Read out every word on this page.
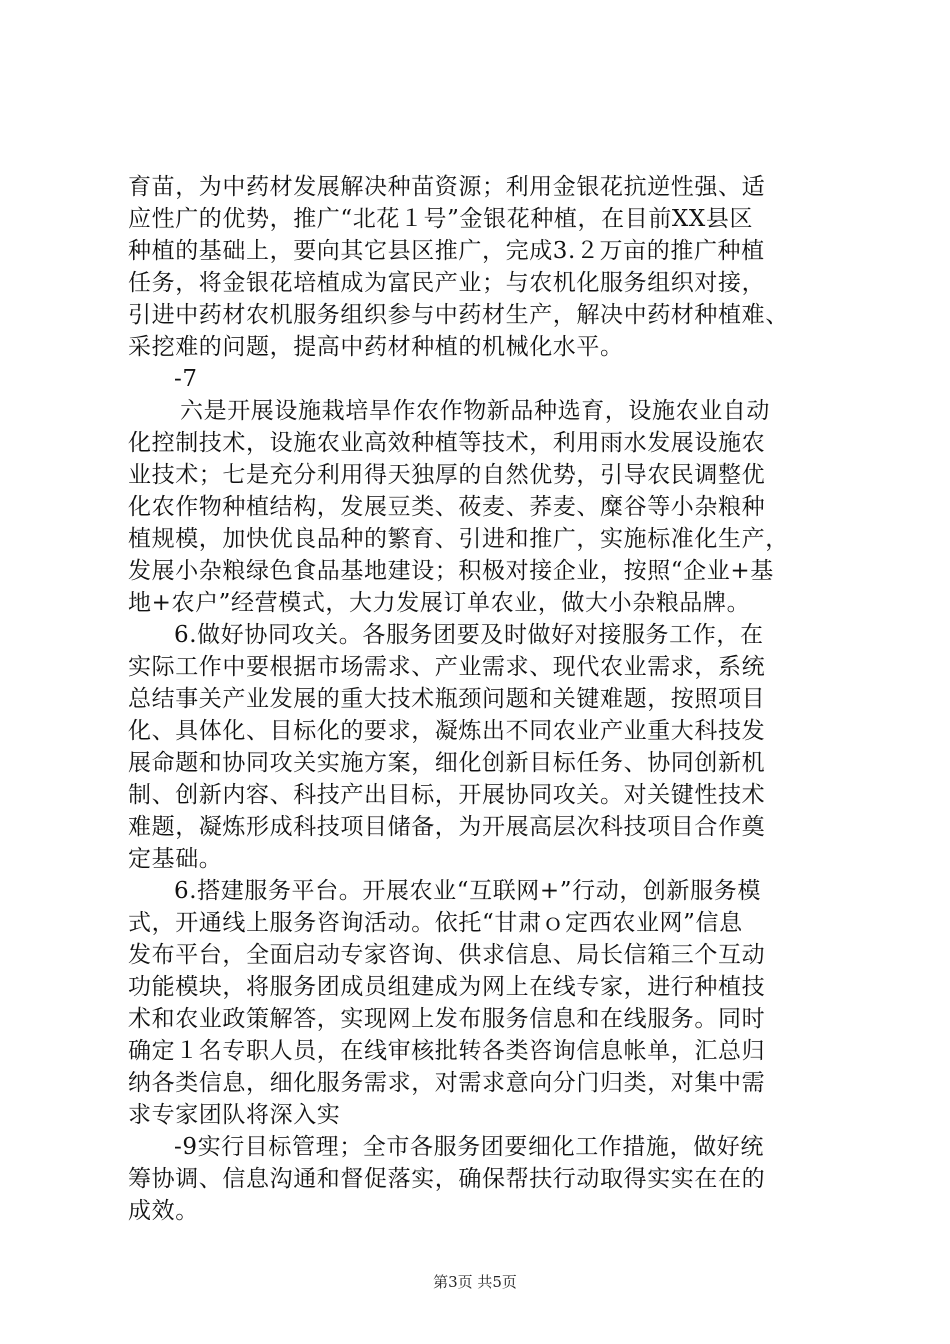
育苗，为中药材发展解决种苗资源；利用金银花抗逆性强、适
应性广的优势，推广“北花１号”金银花种植，在目前XX县区
种植的基础上，要向其它县区推广，完成3.２万亩的推广种植
任务，将金银花培植成为富民产业；与农机化服务组织对接，
引进中药材农机服务组织参与中药材生产，解决中药材种植难、
采挖难的问题，提高中药材种植的机械化水平。
-7
六是开展设施栽培旱作农作物新品种选育，设施农业自动
化控制技术，设施农业高效种植等技术，利用雨水发展设施农
业技术；七是充分利用得天独厚的自然优势，引导农民调整优
化农作物种植结构，发展豆类、莜麦、荞麦、糜谷等小杂粮种
植规模，加快优良品种的繁育、引进和推广，实施标准化生产，
发展小杂粮绿色食品基地建设；积极对接企业，按照“企业+基
地+农户”经营模式，大力发展订单农业，做大小杂粮品牌。
6.做好协同攻关。各服务团要及时做好对接服务工作，在
实际工作中要根据市场需求、产业需求、现代农业需求，系统
总结事关产业发展的重大技术瓶颈问题和关键难题，按照项目
化、具体化、目标化的要求，凝炼出不同农业产业重大科技发
展命题和协同攻关实施方案，细化创新目标任务、协同创新机
制、创新内容、科技产出目标，开展协同攻关。对关键性技术
难题，凝炼形成科技项目储备，为开展高层次科技项目合作奠
定基础。
6.搭建服务平台。开展农业“互联网+”行动，创新服务模
式，开通线上服务咨询活动。依托“甘肃ｏ定西农业网”信息
发布平台，全面启动专家咨询、供求信息、局长信箱三个互动
功能模块，将服务团成员组建成为网上在线专家，进行种植技
术和农业政策解答，实现网上发布服务信息和在线服务。同时
确定１名专职人员，在线审核批转各类咨询信息帐单，汇总归
纳各类信息，细化服务需求，对需求意向分门归类，对集中需
求专家团队将深入实
-9实行目标管理；全市各服务团要细化工作措施，做好统
筹协调、信息沟通和督促落实，确保帮扶行动取得实实在在的
成效。
第3页 共5页
